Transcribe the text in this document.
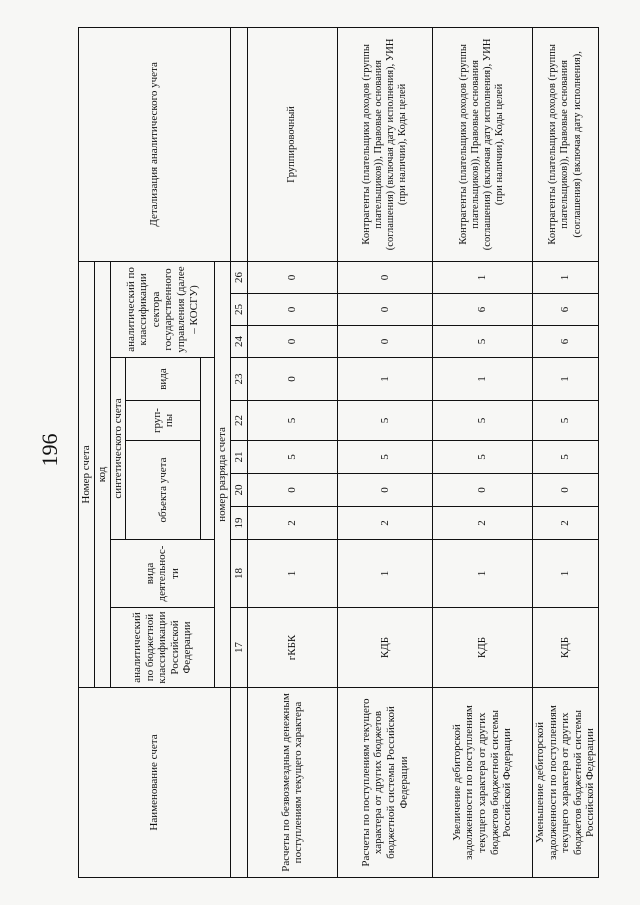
196
Наименование счета	Номер счета										Детализация аналитического учета
	код										
	аналитический по бюджетной классификации Российской Федерации	вида деятельнос-ти	синтетического счета					аналитический по классификации сектора государственного управления (далее – КОСГУ)			
			объекта учета			груп-пы	вида				

	номер разряда счета										
	17	18	19	20	21	22	23	24	25	26	
Расчеты по безвозмездным денежным поступлениям текущего характера	гКБК	1	2	0	5	5	0	0	0	0	Группировочный
Расчеты по поступлениям текущего характера от других бюджетов бюджетной системы Российской Федерации	КДБ	1	2	0	5	5	1	0	0	0	Контрагенты (плательщики доходов (группы плательщиков)), Правовые основания (соглашения) (включая дату исполнения), УИН (при наличии), Коды целей
Увеличение дебиторской задолженности по поступлениям текущего характера от других бюджетов бюджетной системы Российской Федерации	КДБ	1	2	0	5	5	1	5	6	1	Контрагенты (плательщики доходов (группы плательщиков)), Правовые основания (соглашения) (включая дату исполнения), УИН (при наличии), Коды целей
Уменьшение дебиторской задолженности по поступлениям текущего характера от других бюджетов бюджетной системы Российской Федерации	КДБ	1	2	0	5	5	1	6	6	1	Контрагенты (плательщики доходов (группы плательщиков)), Правовые основания (соглашения) (включая дату исполнения),
